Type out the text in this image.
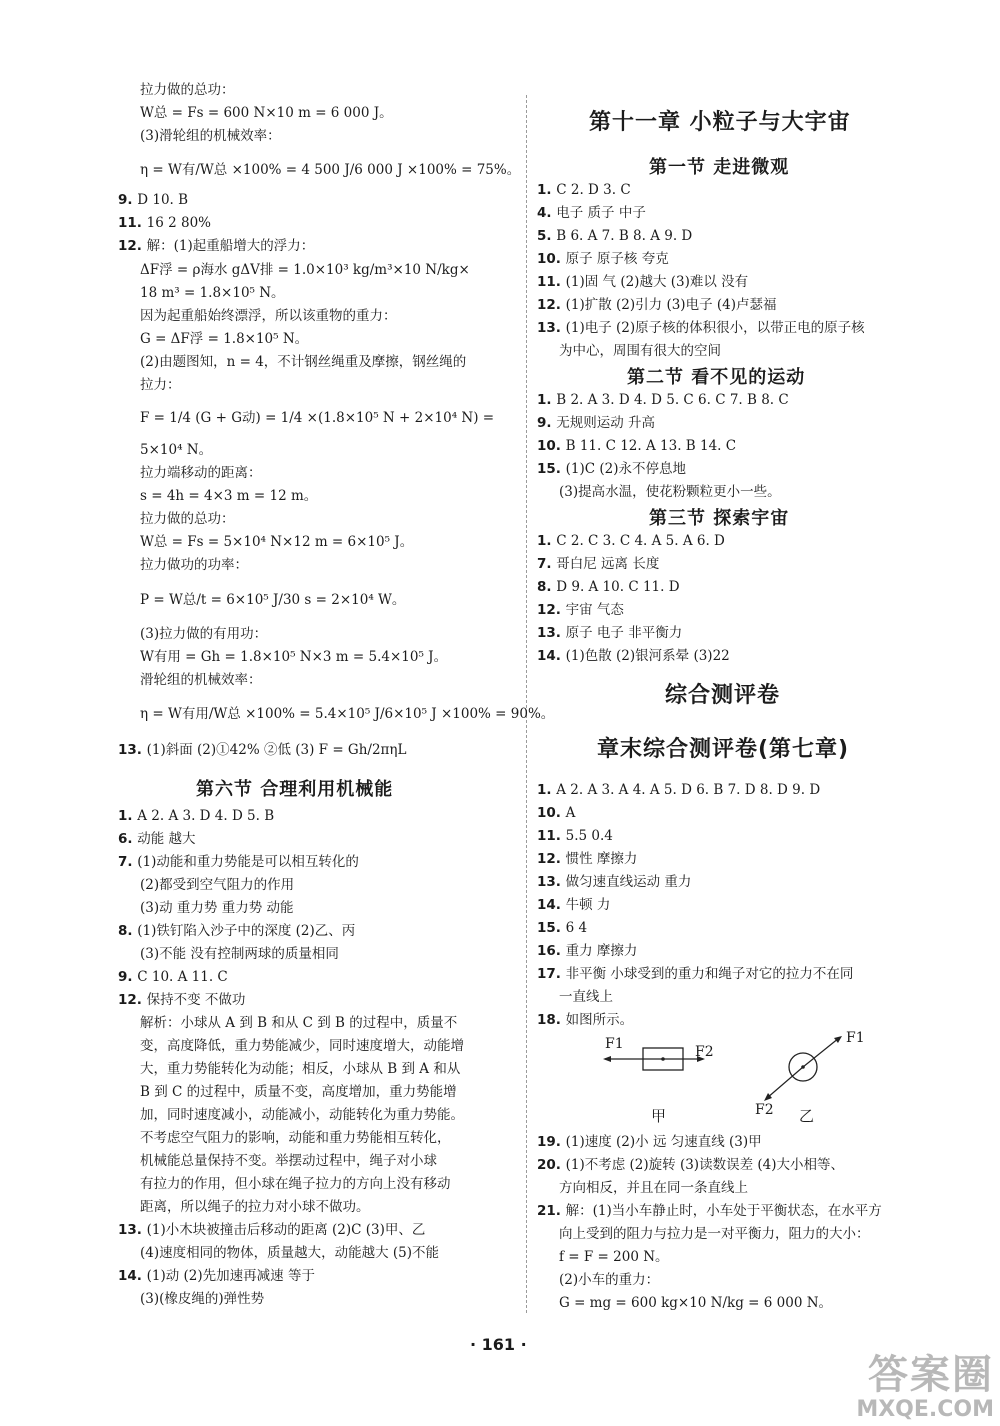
拉力做的总功：
W总 = Fs = 600 N×10 m = 6 000 J。
(3)滑轮组的机械效率：
η = W有/W总 ×100% = 4 500 J/6 000 J ×100% = 75%。
9. D 10. B
11. 16 2 80%
12. 解：(1)起重船增大的浮力：
ΔF浮 = ρ海水 gΔV排 = 1.0×10³ kg/m³×10 N/kg×
18 m³ = 1.8×10⁵ N。
因为起重船始终漂浮，所以该重物的重力：
G = ΔF浮 = 1.8×10⁵ N。
(2)由题图知，n = 4，不计钢丝绳重及摩擦，钢丝绳的
拉力：
F = 1/4 (G + G动) = 1/4 ×(1.8×10⁵ N + 2×10⁴ N) =
5×10⁴ N。
拉力端移动的距离：
s = 4h = 4×3 m = 12 m。
拉力做的总功：
W总 = Fs = 5×10⁴ N×12 m = 6×10⁵ J。
拉力做功的功率：
P = W总/t = 6×10⁵ J/30 s = 2×10⁴ W。
(3)拉力做的有用功：
W有用 = Gh = 1.8×10⁵ N×3 m = 5.4×10⁵ J。
滑轮组的机械效率：
η = W有用/W总 ×100% = 5.4×10⁵ J/6×10⁵ J ×100% = 90%。
13. (1)斜面 (2)①42% ②低 (3) F = Gh/2πηL
1. A 2. A 3. D 4. D 5. B
6. 动能 越大
7. (1)动能和重力势能是可以相互转化的
(2)都受到空气阻力的作用
(3)动 重力势 重力势 动能
8. (1)铁钉陷入沙子中的深度 (2)乙、丙
(3)不能 没有控制两球的质量相同
9. C 10. A 11. C
12. 保持不变 不做功
解析：小球从 A 到 B 和从 C 到 B 的过程中，质量不
变，高度降低，重力势能减少，同时速度增大，动能增
大，重力势能转化为动能；相反，小球从 B 到 A 和从
B 到 C 的过程中，质量不变，高度增加，重力势能增
加，同时速度减小，动能减小，动能转化为重力势能。
不考虑空气阻力的影响，动能和重力势能相互转化，
机械能总量保持不变。举摆动过程中，绳子对小球
有拉力的作用，但小球在绳子拉力的方向上没有移动
距离，所以绳子的拉力对小球不做功。
13. (1)小木块被撞击后移动的距离 (2)C (3)甲、乙
(4)速度相同的物体，质量越大，动能越大 (5)不能
14. (1)动 (2)先加速再减速 等于
(3)(橡皮绳的)弹性势
第六节 合理利用机械能
1. C 2. D 3. C
4. 电子 质子 中子
5. B 6. A 7. B 8. A 9. D
10. 原子 原子核 夸克
11. (1)固 气 (2)越大 (3)难以 没有
12. (1)扩散 (2)引力 (3)电子 (4)卢瑟福
13. (1)电子 (2)原子核的体积很小，以带正电的原子核
为中心，周围有很大的空间
1. B 2. A 3. D 4. D 5. C 6. C 7. B 8. C
9. 无规则运动 升高
10. B 11. C 12. A 13. B 14. C
15. (1)C (2)永不停息地
(3)提高水温，使花粉颗粒更小一些。
1. C 2. C 3. C 4. A 5. A 6. D
7. 哥白尼 远离 长度
8. D 9. A 10. C 11. D
12. 宇宙 气态
13. 原子 电子 非平衡力
14. (1)色散 (2)银河系晕 (3)22
1. A 2. A 3. A 4. A 5. D 6. B 7. D 8. D 9. D
10. A
11. 5.5 0.4
12. 惯性 摩擦力
13. 做匀速直线运动 重力
14. 牛顿 力
15. 6 4
16. 重力 摩擦力
17. 非平衡 小球受到的重力和绳子对它的拉力不在同
一直线上
18. 如图所示。
19. (1)速度 (2)小 远 匀速直线 (3)甲
20. (1)不考虑 (2)旋转 (3)读数误差 (4)大小相等、
方向相反，并且在同一条直线上
21. 解：(1)当小车静止时，小车处于平衡状态，在水平方
向上受到的阻力与拉力是一对平衡力，阻力的大小：
f = F = 200 N。
(2)小车的重力：
G = mg = 600 kg×10 N/kg = 6 000 N。
第十一章 小粒子与大宇宙
第一节 走进微观
第二节 看不见的运动
第三节 探索宇宙
综合测评卷
章末综合测评卷(第七章)
F1	F2
F1
F2
甲	乙
· 161 ·
答案圈
MXQE.COM
